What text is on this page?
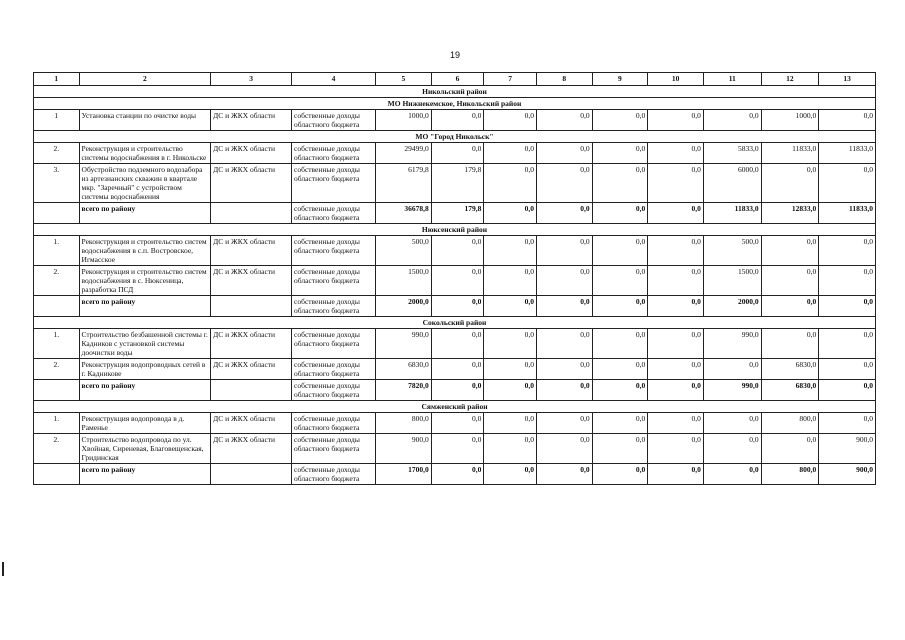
19
1	2	3	4	5	6	7	8	9	10	11	12	13
Никольский район												
МО Нижнекемское, Никольский район												
1	Установка станции по очистке воды	ДС и ЖКХ области	собственные доходы областного бюджета	1000,0	0,0	0,0	0,0	0,0	0,0	0,0	1000,0	0,0
МО "Город Никольск"												
2.	Реконструкция и строительство системы водоснабжения в г. Никольске	ДС и ЖКХ области	собственные доходы областного бюджета	29499,0	0,0	0,0	0,0	0,0	0,0	5833,0	11833,0	11833,0
3.	Обустройство подземного водозабора из артезианских скважин в квартале мкр. "Заречный" с устройством системы водоснабжения	ДС и ЖКХ области	собственные доходы областного бюджета	6179,8	179,8	0,0	0,0	0,0	0,0	6000,0	0,0	0,0
	всего по району		собственные доходы областного бюджета	36678,8	179,8	0,0	0,0	0,0	0,0	11833,0	12833,0	11833,0
Нюксенский район												
1.	Реконструкция и строительство систем водоснабжения в с.п. Востровское, Игмасское	ДС и ЖКХ области	собственные доходы областного бюджета	500,0	0,0	0,0	0,0	0,0	0,0	500,0	0,0	0,0
2.	Реконструкция и строительство систем водоснабжения в с. Нюксеница, разработка ПСД	ДС и ЖКХ области	собственные доходы областного бюджета	1500,0	0,0	0,0	0,0	0,0	0,0	1500,0	0,0	0,0
	всего по району		собственные доходы областного бюджета	2000,0	0,0	0,0	0,0	0,0	0,0	2000,0	0,0	0,0
Сокольский район												
1.	Строительство безбашенной системы г. Кадников с установкой системы доочистки воды	ДС и ЖКХ области	собственные доходы областного бюджета	990,0	0,0	0,0	0,0	0,0	0,0	990,0	0,0	0,0
2.	Реконструкция водопроводных сетей в г. Кадникове	ДС и ЖКХ области	собственные доходы областного бюджета	6830,0	0,0	0,0	0,0	0,0	0,0	0,0	6830,0	0,0
	всего по району		собственные доходы областного бюджета	7820,0	0,0	0,0	0,0	0,0	0,0	990,0	6830,0	0,0
Сямженский район												
1.	Реконструкция водопровода в д. Раменье	ДС и ЖКХ области	собственные доходы областного бюджета	800,0	0,0	0,0	0,0	0,0	0,0	0,0	800,0	0,0
2.	Строительство водопровода по ул. Хвойная, Сиреневая, Благовещенская, Гридинская	ДС и ЖКХ области	собственные доходы областного бюджета	900,0	0,0	0,0	0,0	0,0	0,0	0,0	0,0	900,0
	всего по району		собственные доходы областного бюджета	1700,0	0,0	0,0	0,0	0,0	0,0	0,0	800,0	900,0
